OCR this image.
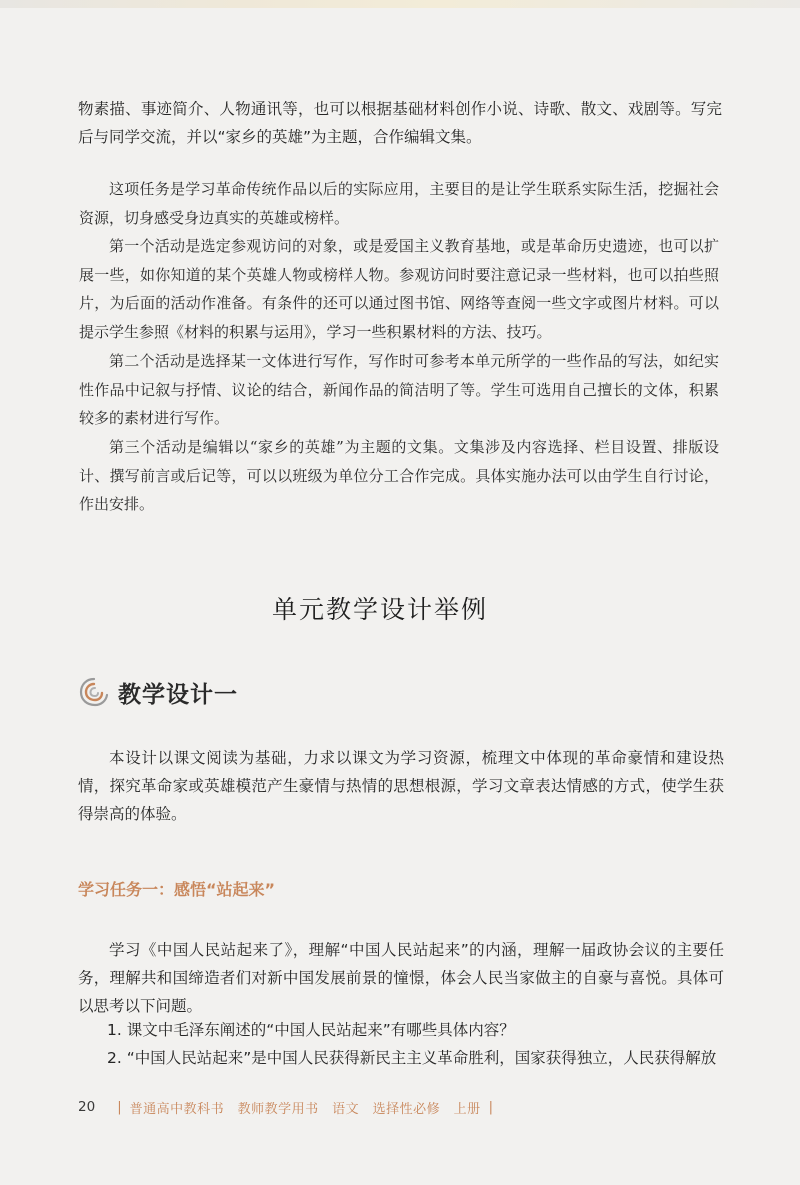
物素描、事迹简介、人物通讯等，也可以根据基础材料创作小说、诗歌、散文、戏剧等。写完后与同学交流，并以“家乡的英雄”为主题，合作编辑文集。

这项任务是学习革命传统作品以后的实际应用，主要目的是让学生联系实际生活，挖掘社会资源，切身感受身边真实的英雄或榜样。

第一个活动是选定参观访问的对象，或是爱国主义教育基地，或是革命历史遗迹，也可以扩展一些，如你知道的某个英雄人物或榜样人物。参观访问时要注意记录一些材料，也可以拍些照片，为后面的活动作准备。有条件的还可以通过图书馆、网络等查阅一些文字或图片材料。可以提示学生参照《材料的积累与运用》，学习一些积累材料的方法、技巧。

第二个活动是选择某一文体进行写作，写作时可参考本单元所学的一些作品的写法，如纪实性作品中记叙与抒情、议论的结合，新闻作品的简洁明了等。学生可选用自己擅长的文体，积累较多的素材进行写作。

第三个活动是编辑以“家乡的英雄”为主题的文集。文集涉及内容选择、栏目设置、排版设计、撰写前言或后记等，可以以班级为单位分工合作完成。具体实施办法可以由学生自行讨论，作出安排。

单元教学设计举例
教学设计一

本设计以课文阅读为基础，力求以课文为学习资源，梳理文中体现的革命豪情和建设热情，探究革命家或英雄模范产生豪情与热情的思想根源，学习文章表达情感的方式，使学生获得崇高的体验。

学习任务一：感悟“站起来”

学习《中国人民站起来了》，理解“中国人民站起来”的内涵，理解一届政协会议的主要任务，理解共和国缔造者们对新中国发展前景的憧憬，体会人民当家做主的自豪与喜悦。具体可以思考以下问题。

1. 课文中毛泽东阐述的“中国人民站起来”有哪些具体内容？

2. “中国人民站起来”是中国人民获得新民主主义革命胜利，国家获得独立，人民获得解放

20 | 普通高中教科书　教师教学用书　语文　选择性必修　上册 |
